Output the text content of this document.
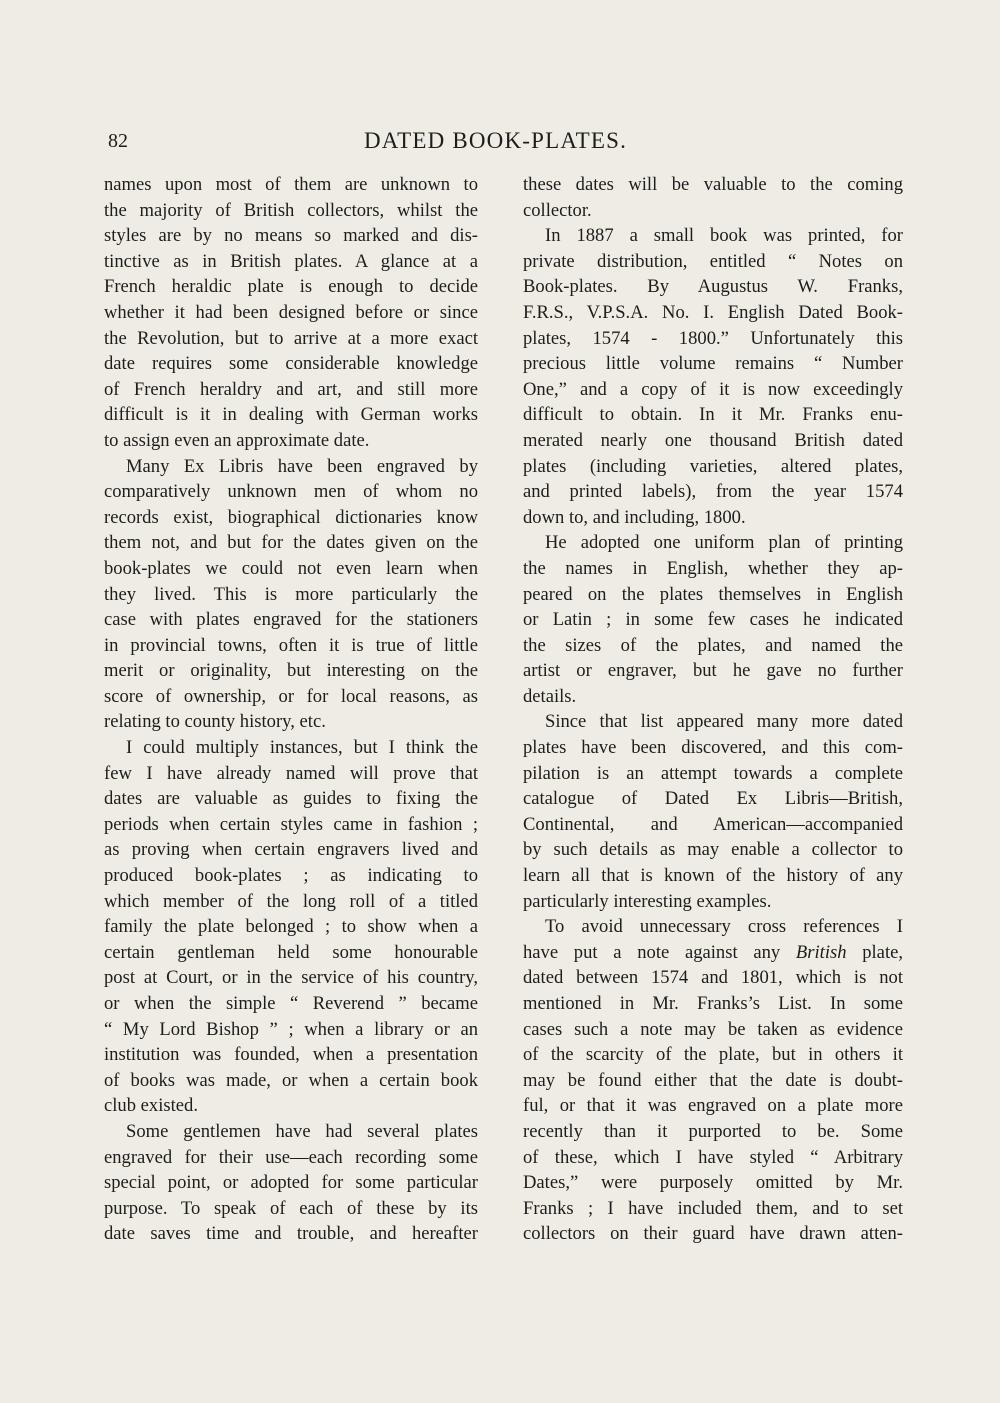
82	DATED BOOK-PLATES.
names upon most of them are unknown to
the majority of British collectors, whilst the
styles are by no means so marked and dis-
tinctive as in British plates. A glance at a
French heraldic plate is enough to decide
whether it had been designed before or since
the Revolution, but to arrive at a more exact
date requires some considerable knowledge
of French heraldry and art, and still more
difficult is it in dealing with German works
to assign even an approximate date.
Many Ex Libris have been engraved by
comparatively unknown men of whom no
records exist, biographical dictionaries know
them not, and but for the dates given on the
book-plates we could not even learn when
they lived. This is more particularly the
case with plates engraved for the stationers
in provincial towns, often it is true of little
merit or originality, but interesting on the
score of ownership, or for local reasons, as
relating to county history, etc.
I could multiply instances, but I think the
few I have already named will prove that
dates are valuable as guides to fixing the
periods when certain styles came in fashion ;
as proving when certain engravers lived and
produced book-plates ; as indicating to
which member of the long roll of a titled
family the plate belonged ; to show when a
certain gentleman held some honourable
post at Court, or in the service of his country,
or when the simple “ Reverend ” became
“ My Lord Bishop ” ; when a library or an
institution was founded, when a presentation
of books was made, or when a certain book
club existed.
Some gentlemen have had several plates
engraved for their use—each recording some
special point, or adopted for some particular
purpose. To speak of each of these by its
date saves time and trouble, and hereafter
these dates will be valuable to the coming
collector.
In 1887 a small book was printed, for
private distribution, entitled “ Notes on
Book-plates. By Augustus W. Franks,
F.R.S., V.P.S.A. No. I. English Dated Book-
plates, 1574 - 1800.” Unfortunately this
precious little volume remains “ Number
One,” and a copy of it is now exceedingly
difficult to obtain. In it Mr. Franks enu-
merated nearly one thousand British dated
plates (including varieties, altered plates,
and printed labels), from the year 1574
down to, and including, 1800.
He adopted one uniform plan of printing
the names in English, whether they ap-
peared on the plates themselves in English
or Latin ; in some few cases he indicated
the sizes of the plates, and named the
artist or engraver, but he gave no further
details.
Since that list appeared many more dated
plates have been discovered, and this com-
pilation is an attempt towards a complete
catalogue of Dated Ex Libris—British,
Continental, and American—accompanied
by such details as may enable a collector to
learn all that is known of the history of any
particularly interesting examples.
To avoid unnecessary cross references I
have put a note against any British plate,
dated between 1574 and 1801, which is not
mentioned in Mr. Franks’s List. In some
cases such a note may be taken as evidence
of the scarcity of the plate, but in others it
may be found either that the date is doubt-
ful, or that it was engraved on a plate more
recently than it purported to be. Some
of these, which I have styled “ Arbitrary
Dates,” were purposely omitted by Mr.
Franks ; I have included them, and to set
collectors on their guard have drawn atten-
